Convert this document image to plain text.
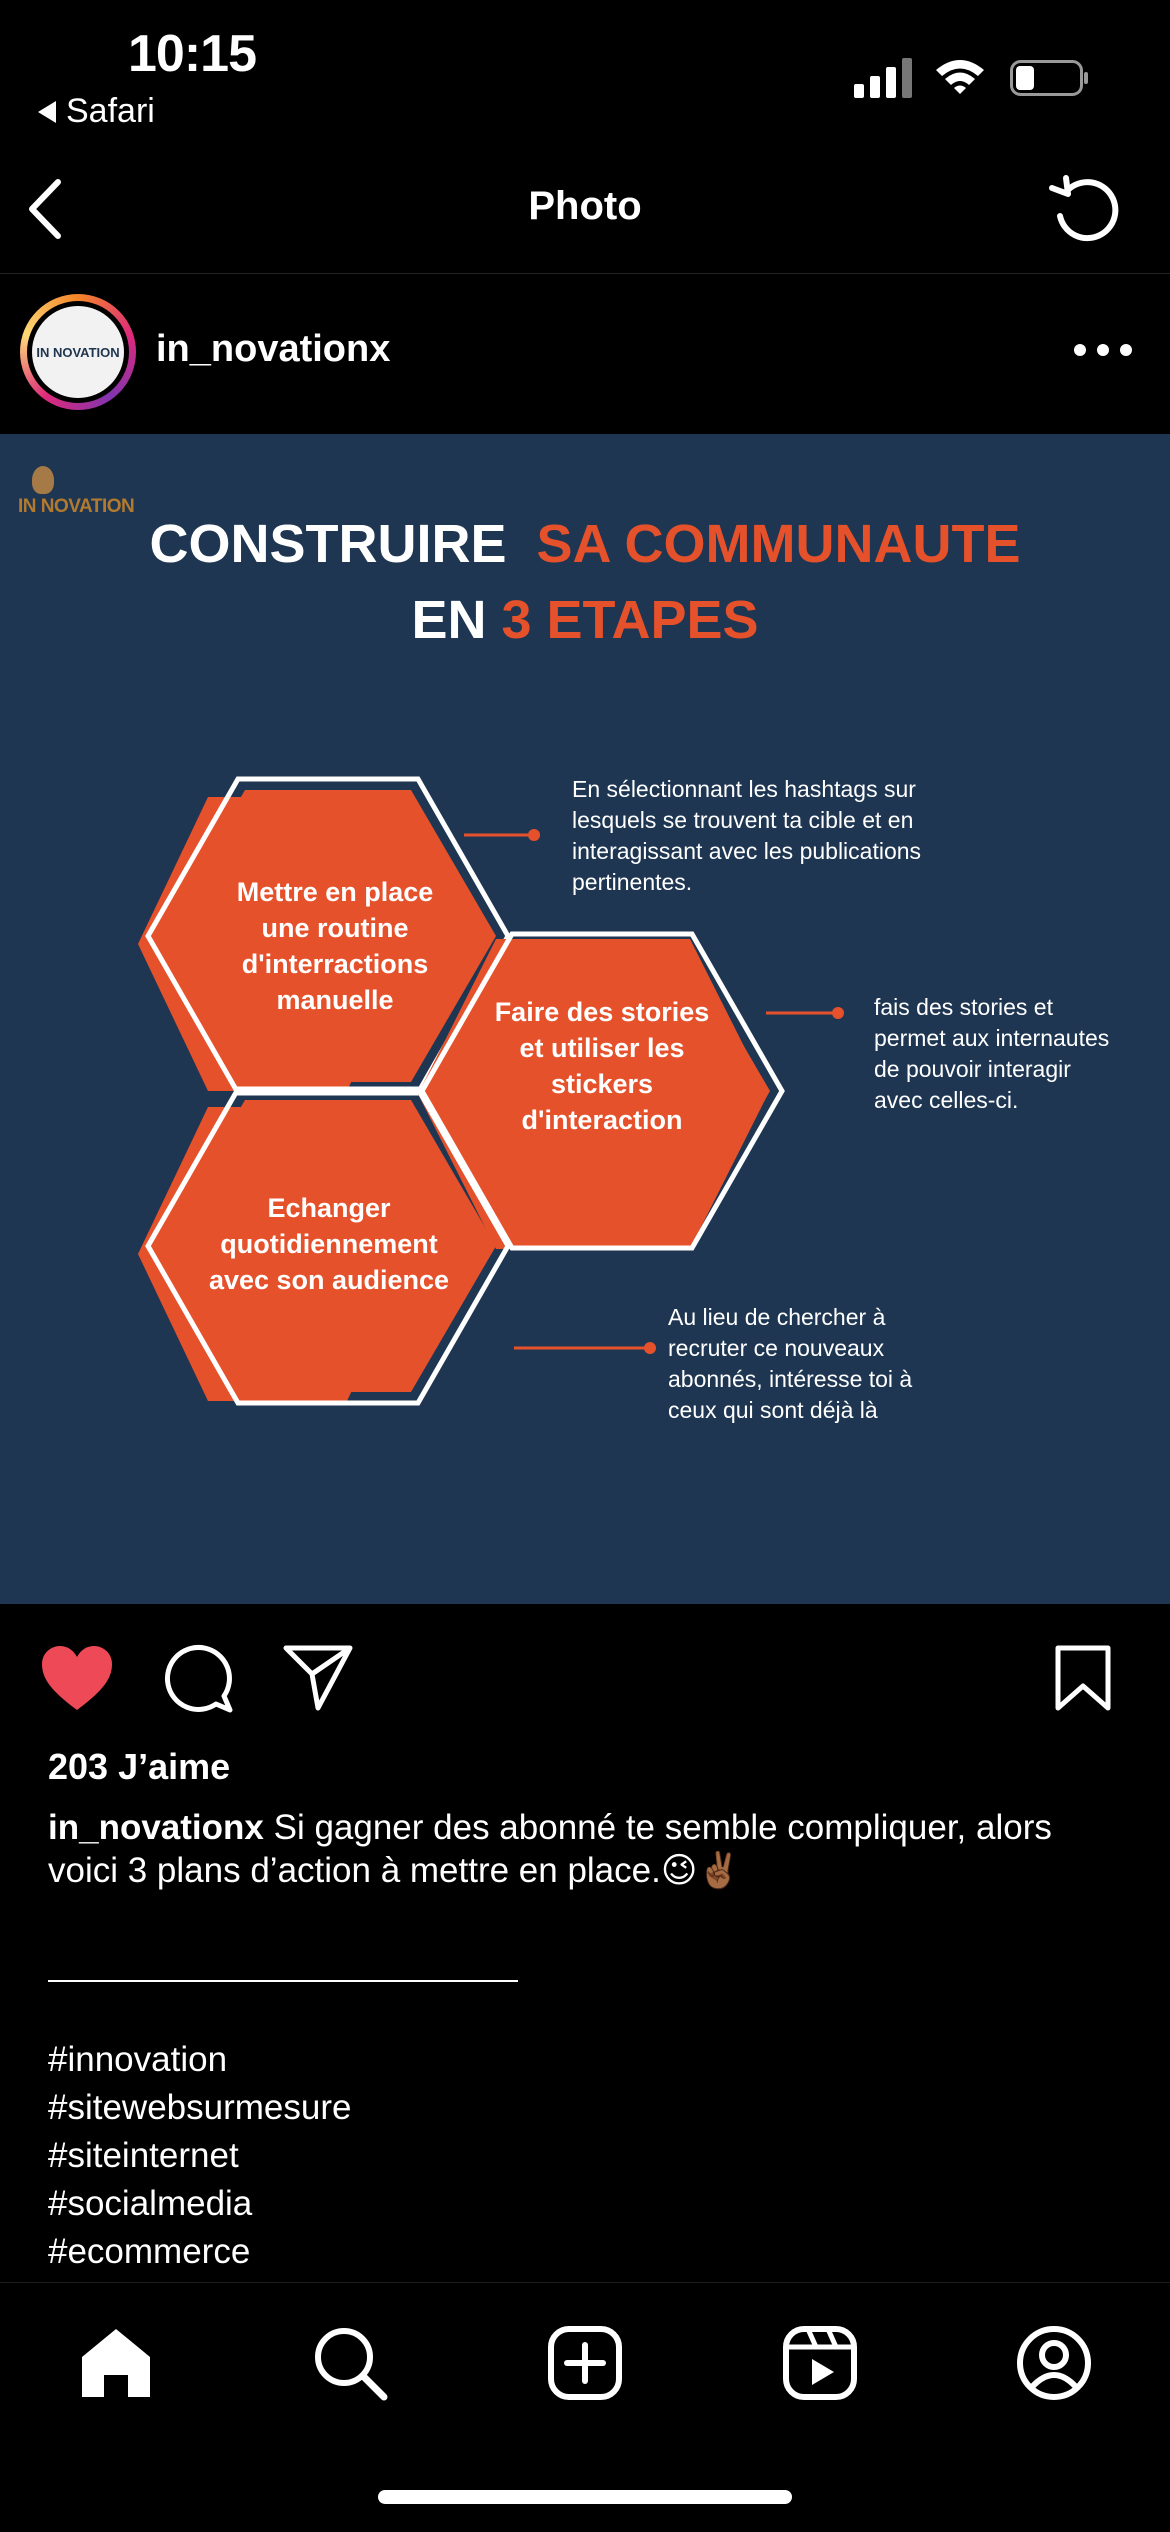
10:15
Safari
Photo
IN NOVATION in_novationx
IN NOVATION
CONSTRUIRE SA COMMUNAUTE
EN 3 ETAPES
Mettre en place une routine d'interractions manuelle	Faire des stories et utiliser les stickers d'interaction
Echanger quotidiennement avec son audience
En sélectionnant les hashtags sur lesquels se trouvent ta cible et en interagissant avec les publications pertinentes.
fais des stories et permet aux internautes de pouvoir interagir avec celles-ci.
Au lieu de chercher à recruter ce nouveaux abonnés, intéresse toi à ceux qui sont déjà là
203 J’aime
in_novationx Si gagner des abonné te semble compliquer, alors voici 3 plans d’action à mettre en place.😉✌🏾
#innovation
#sitewebsurmesure
#siteinternet
#socialmedia
#ecommerce
